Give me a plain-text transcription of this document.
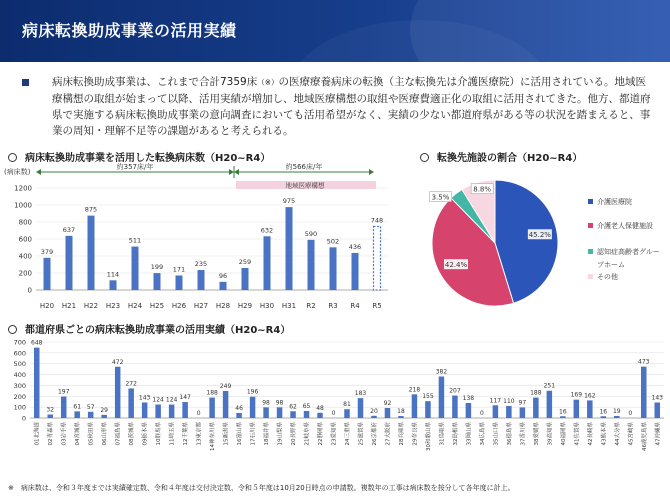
病床転換助成事業の活用実績

病床転換助成事業は、これまで合計7359床（※）の医療療養病床の転換（主な転換先は介護医療院）に活用されている。地域医療構想の取組が始まって以降、活用実績が増加し、地域医療構想の取組や医療費適正化の取組に活用されてきた。他方、都道府県で実施する病床転換助成事業の意向調査においても活用希望がなく、実績の少ない都道府県がある等の状況を踏まえると、事業の周知・理解不足等の課題があると考えられる。

病床転換助成事業を活用した転換病床数（H20~R4）	転換先施設の割合（H20~R4）
都道府県ごとの病床転換助成事業の活用実績（H20~R4）
(病床数)
0
200
400
600
800
1000
1200
379
H20
637
H21
875
H22
114
H23
511
H24
199
H25
171
H26
235
H27
96
H28
259
H29
632
H30
975
H31
590
R2
502
R3
436
R4
748
R5
約357床/年	約566床/年
地域医療構想
45.2%
42.4%
3.5%
8.8%
介護医療院
介護老人保健施設
認知症高齢者グルー
プホーム
その他
0
100
200
300
400
500
600
700 648
01北海道
32
02青森県
197
03岩手県
61
04宮城県
57
05秋田県
29
06山形県
472
07福島県
272
08茨城県
143
09栃木県
124
10群馬県
124
11埼玉県
147
12千葉県
0
13東京都
188
14神奈川県
249
15新潟県
46
16富山県
196
17石川県
98
18福井県
98
19山梨県
62
20長野県
65
21岐阜県
48
22静岡県
0
23愛知県
81
24三重県
183
25滋賀県
20
26京都府
92
27大阪府
18
28兵庫県
218
29奈良県
155
30和歌山県
382
31鳥取県
207
32島根県
138
33岡山県
0
34広島県
117
35山口県
110
36徳島県
97
37香川県
188
38愛媛県
251
39高知県
16
40福岡県
169
41佐賀県
162
42長崎県
16
43熊本県
19
44大分県
0
45宮崎県
473
46鹿児島県
143
47沖縄県
※　病床数は、令和３年度までは実績確定数、令和４年度は交付決定数、令和５年度は10月20日時点の申請数。複数年の工事は病床数を按分して各年度に計上。
